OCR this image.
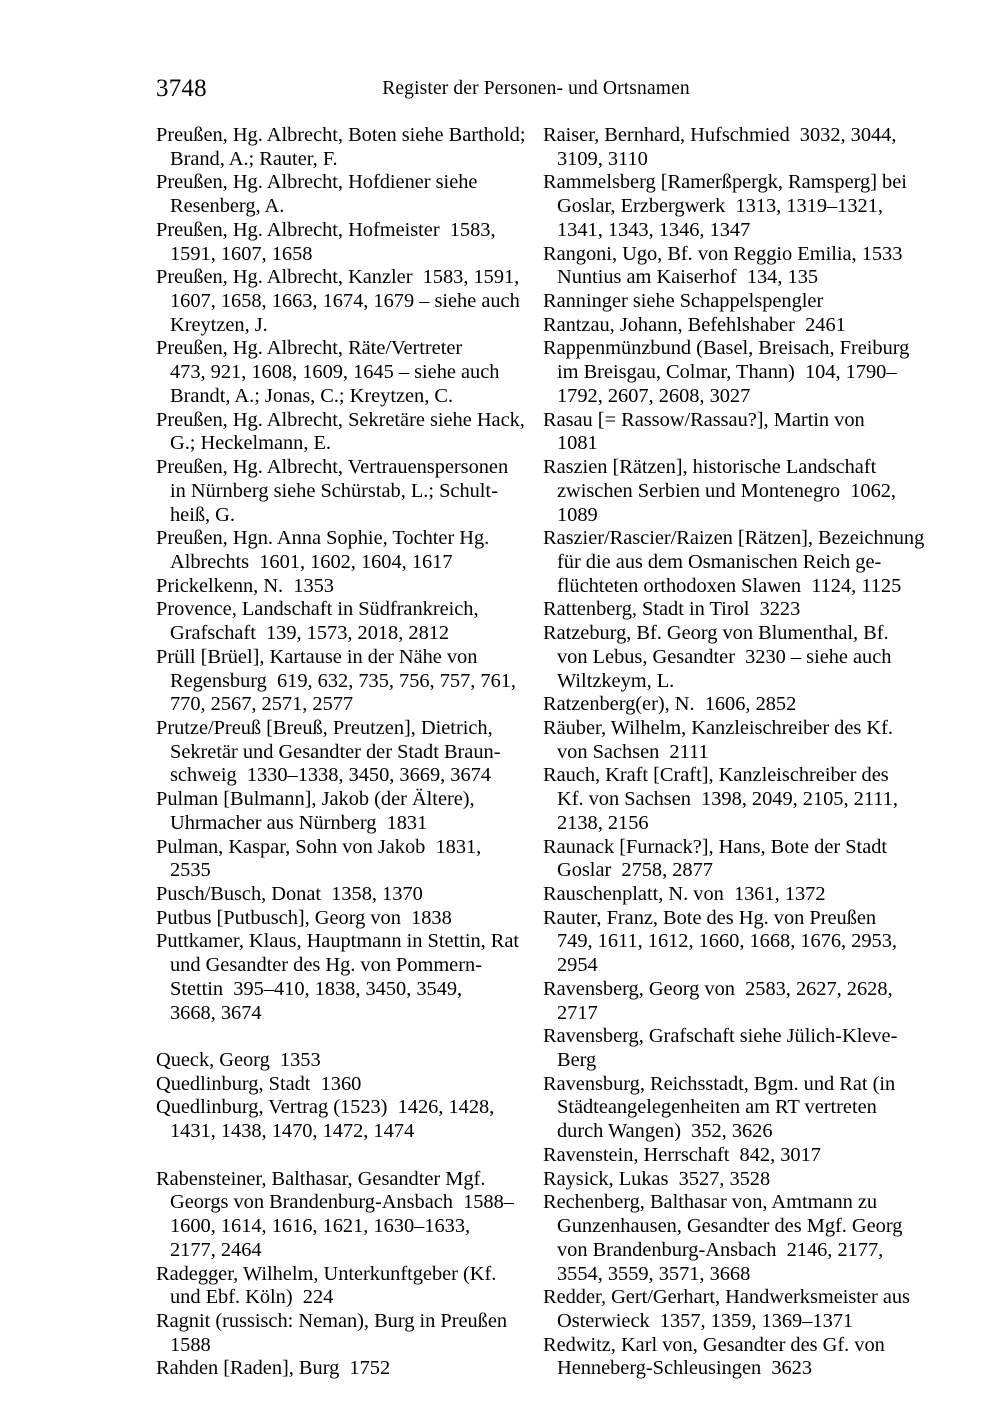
3748	Register der Personen- und Ortsnamen
Preußen, Hg. Albrecht, Boten siehe Barthold;
Brand, A.; Rauter, F.
Preußen, Hg. Albrecht, Hofdiener siehe
Resenberg, A.
Preußen, Hg. Albrecht, Hofmeister  1583,
1591, 1607, 1658
Preußen, Hg. Albrecht, Kanzler  1583, 1591,
1607, 1658, 1663, 1674, 1679 – siehe auch
Kreytzen, J.
Preußen, Hg. Albrecht, Räte/Vertreter
473, 921, 1608, 1609, 1645 – siehe auch
Brandt, A.; Jonas, C.; Kreytzen, C.
Preußen, Hg. Albrecht, Sekretäre siehe Hack,
G.; Heckelmann, E.
Preußen, Hg. Albrecht, Vertrauenspersonen
in Nürnberg siehe Schürstab, L.; Schult-
heiß, G.
Preußen, Hgn. Anna Sophie, Tochter Hg.
Albrechts  1601, 1602, 1604, 1617
Prickelkenn, N.  1353
Provence, Landschaft in Südfrankreich,
Grafschaft  139, 1573, 2018, 2812
Prüll [Brüel], Kartause in der Nähe von
Regensburg  619, 632, 735, 756, 757, 761,
770, 2567, 2571, 2577
Prutze/Preuß [Breuß, Preutzen], Dietrich,
Sekretär und Gesandter der Stadt Braun-
schweig  1330–1338, 3450, 3669, 3674
Pulman [Bulmann], Jakob (der Ältere),
Uhrmacher aus Nürnberg  1831
Pulman, Kaspar, Sohn von Jakob  1831,
2535
Pusch/Busch, Donat  1358, 1370
Putbus [Putbusch], Georg von  1838
Puttkamer, Klaus, Hauptmann in Stettin, Rat
und Gesandter des Hg. von Pommern-
Stettin  395–410, 1838, 3450, 3549,
3668, 3674
Queck, Georg  1353
Quedlinburg, Stadt  1360
Quedlinburg, Vertrag (1523)  1426, 1428,
1431, 1438, 1470, 1472, 1474
Rabensteiner, Balthasar, Gesandter Mgf.
Georgs von Brandenburg-Ansbach  1588–
1600, 1614, 1616, 1621, 1630–1633,
2177, 2464
Radegger, Wilhelm, Unterkunftgeber (Kf.
und Ebf. Köln)  224
Ragnit (russisch: Neman), Burg in Preußen
1588
Rahden [Raden], Burg  1752
Raiser, Bernhard, Hufschmied  3032, 3044,
3109, 3110
Rammelsberg [Ramerßpergk, Ramsperg] bei
Goslar, Erzbergwerk  1313, 1319–1321,
1341, 1343, 1346, 1347
Rangoni, Ugo, Bf. von Reggio Emilia, 1533
Nuntius am Kaiserhof  134, 135
Ranninger siehe Schappelspengler
Rantzau, Johann, Befehlshaber  2461
Rappenmünzbund (Basel, Breisach, Freiburg
im Breisgau, Colmar, Thann)  104, 1790–
1792, 2607, 2608, 3027
Rasau [= Rassow/Rassau?], Martin von
1081
Raszien [Rätzen], historische Landschaft
zwischen Serbien und Montenegro  1062,
1089
Raszier/Rascier/Raizen [Rätzen], Bezeichnung
für die aus dem Osmanischen Reich ge-
flüchteten orthodoxen Slawen  1124, 1125
Rattenberg, Stadt in Tirol  3223
Ratzeburg, Bf. Georg von Blumenthal, Bf.
von Lebus, Gesandter  3230 – siehe auch
Wiltzkeym, L.
Ratzenberg(er), N.  1606, 2852
Räuber, Wilhelm, Kanzleischreiber des Kf.
von Sachsen  2111
Rauch, Kraft [Craft], Kanzleischreiber des
Kf. von Sachsen  1398, 2049, 2105, 2111,
2138, 2156
Raunack [Furnack?], Hans, Bote der Stadt
Goslar  2758, 2877
Rauschenplatt, N. von  1361, 1372
Rauter, Franz, Bote des Hg. von Preußen
749, 1611, 1612, 1660, 1668, 1676, 2953,
2954
Ravensberg, Georg von  2583, 2627, 2628,
2717
Ravensberg, Grafschaft siehe Jülich-Kleve-
Berg
Ravensburg, Reichsstadt, Bgm. und Rat (in
Städteangelegenheiten am RT vertreten
durch Wangen)  352, 3626
Ravenstein, Herrschaft  842, 3017
Raysick, Lukas  3527, 3528
Rechenberg, Balthasar von, Amtmann zu
Gunzenhausen, Gesandter des Mgf. Georg
von Brandenburg-Ansbach  2146, 2177,
3554, 3559, 3571, 3668
Redder, Gert/Gerhart, Handwerksmeister aus
Osterwieck  1357, 1359, 1369–1371
Redwitz, Karl von, Gesandter des Gf. von
Henneberg-Schleusingen  3623
